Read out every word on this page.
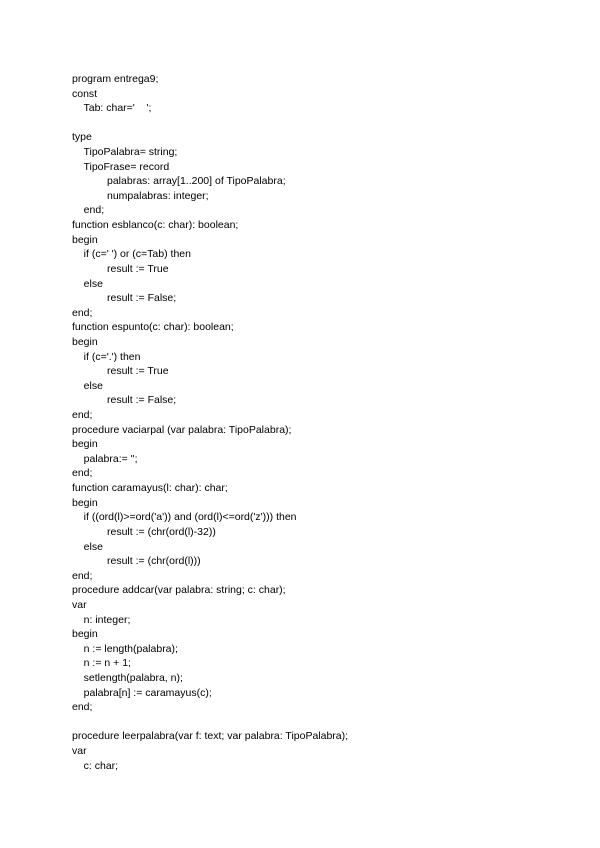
program entrega9;
const
Tab: char='    ';
type
TipoPalabra= string;
TipoFrase= record
palabras: array[1..200] of TipoPalabra;
numpalabras: integer;
end;
function esblanco(c: char): boolean;
begin
if (c=' ') or (c=Tab) then
result := True
else
result := False;
end;
function espunto(c: char): boolean;
begin
if (c='.') then
result := True
else
result := False;
end;
procedure vaciarpal (var palabra: TipoPalabra);
begin
palabra:= '';
end;
function caramayus(l: char): char;
begin
if ((ord(l)>=ord('a')) and (ord(l)<=ord('z'))) then
result := (chr(ord(l)-32))
else
result := (chr(ord(l)))
end;
procedure addcar(var palabra: string; c: char);
var
n: integer;
begin
n := length(palabra);
n := n + 1;
setlength(palabra, n);
palabra[n] := caramayus(c);
end;
procedure leerpalabra(var f: text; var palabra: TipoPalabra);
var
c: char;
